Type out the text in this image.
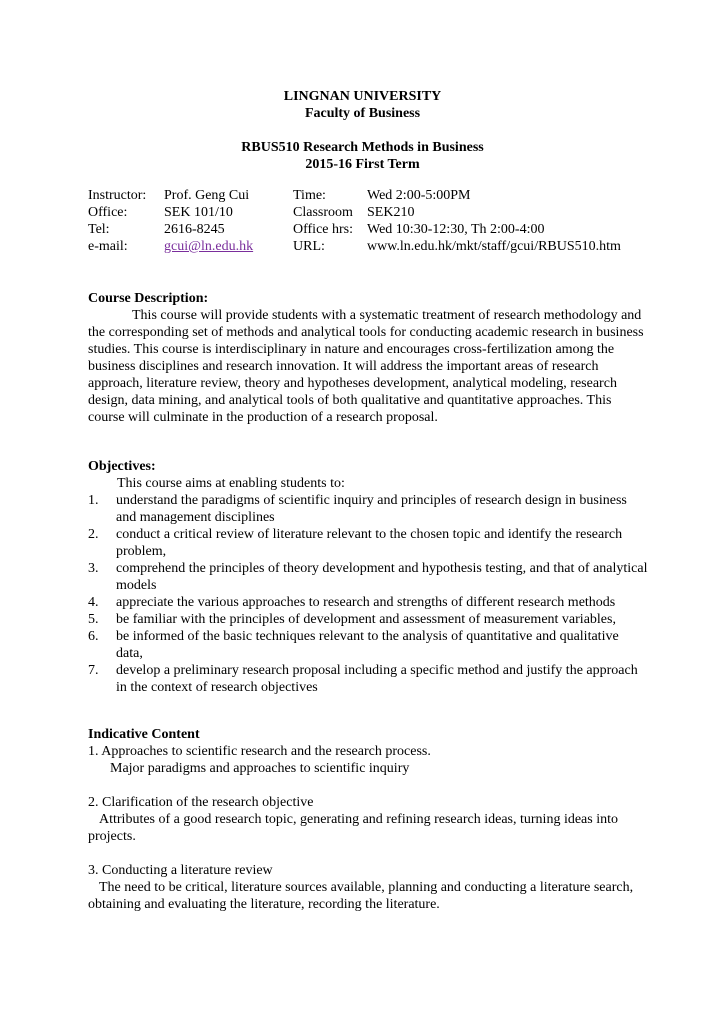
LINGNAN UNIVERSITY
Faculty of Business
RBUS510 Research Methods in Business
2015-16 First Term
Instructor:	Prof. Geng Cui	Time:	Wed 2:00-5:00PM
Office:	SEK 101/10	Classroom	SEK210
Tel:	2616-8245	Office hrs:	Wed 10:30-12:30, Th 2:00-4:00
e-mail:	gcui@ln.edu.hk	URL:	www.ln.edu.hk/mkt/staff/gcui/RBUS510.htm
Course Description:
This course will provide students with a systematic treatment of research methodology and the corresponding set of methods and analytical tools for conducting academic research in business studies. This course is interdisciplinary in nature and encourages cross-fertilization among the business disciplines and research innovation. It will address the important areas of research approach, literature review, theory and hypotheses development, analytical modeling, research design, data mining, and analytical tools of both qualitative and quantitative approaches. This course will culminate in the production of a research proposal.
Objectives:
This course aims at enabling students to:
1.	understand the paradigms of scientific inquiry and principles of research design in business and management disciplines
2.	conduct a critical review of literature relevant to the chosen topic and identify the research problem,
3.	comprehend the principles of theory development and hypothesis testing, and that of analytical models
4.	appreciate the various approaches to research and strengths of different research methods
5.	be familiar with the principles of development and assessment of measurement variables,
6.	be informed of the basic techniques relevant to the analysis of quantitative and qualitative data,
7.	develop a preliminary research proposal including a specific method and justify the approach in the context of research objectives
Indicative Content
1. Approaches to scientific research and the research process.
Major paradigms and approaches to scientific inquiry
2. Clarification of the research objective
Attributes of a good research topic, generating and refining research ideas, turning ideas into projects.
3. Conducting a literature review
The need to be critical, literature sources available, planning and conducting a literature search, obtaining and evaluating the literature, recording the literature.
